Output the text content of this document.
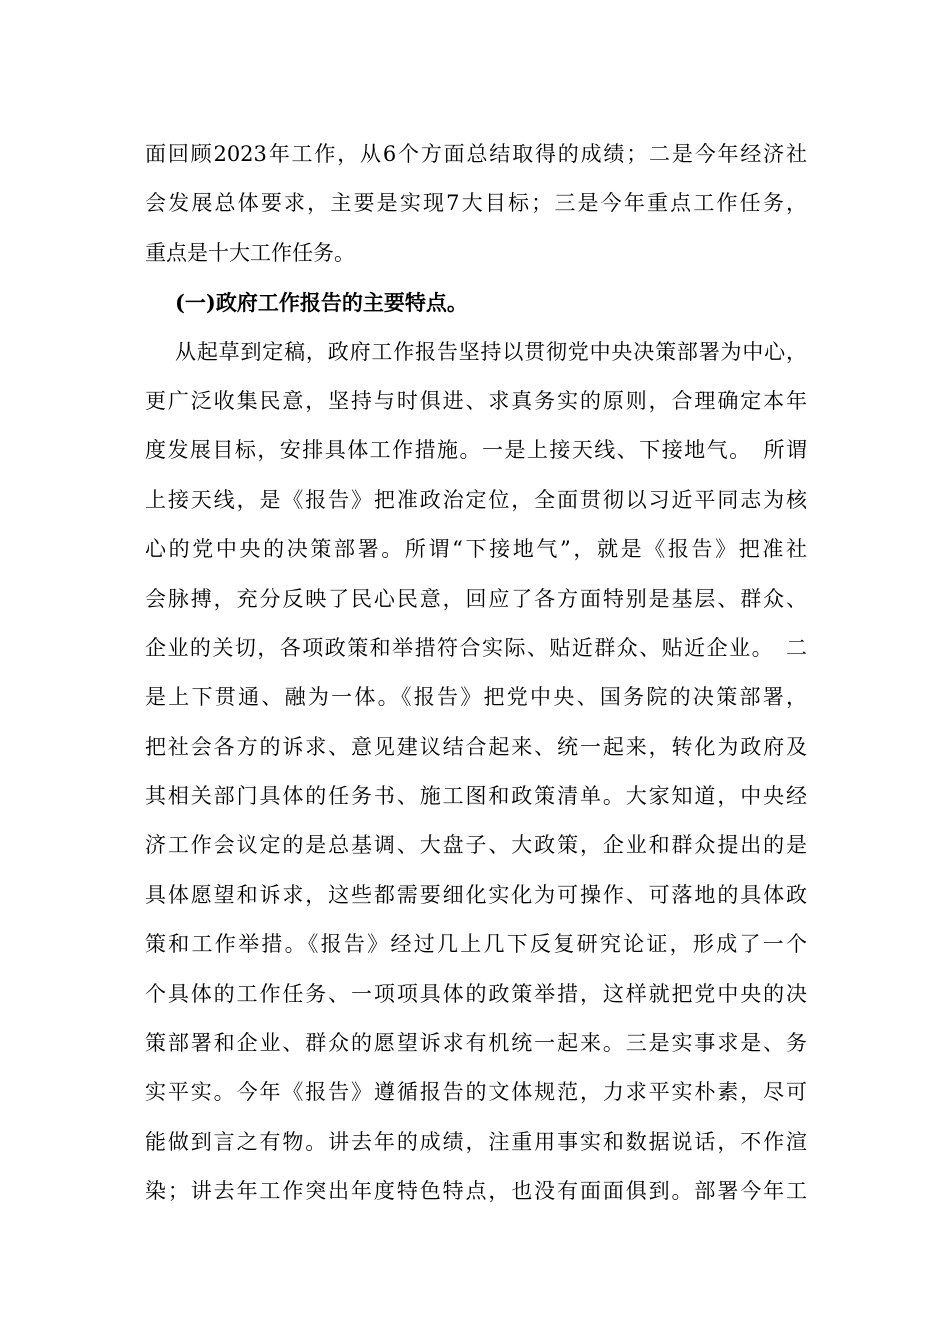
面回顾2023年工作，从6个方面总结取得的成绩；二是今年经济社
会发展总体要求，主要是实现7大目标；三是今年重点工作任务，
重点是十大工作任务。
(一)政府工作报告的主要特点。
从起草到定稿，政府工作报告坚持以贯彻党中央决策部署为中心，
更广泛收集民意，坚持与时俱进、求真务实的原则，合理确定本年
度发展目标，安排具体工作措施。一是上接天线、下接地气。　所谓
上接天线，是《报告》把准政治定位，全面贯彻以习近平同志为核
心的党中央的决策部署。所谓“下接地气”，就是《报告》把准社
会脉搏，充分反映了民心民意，回应了各方面特别是基层、群众、
企业的关切，各项政策和举措符合实际、贴近群众、贴近企业。　二
是上下贯通、融为一体。《报告》把党中央、国务院的决策部署，
把社会各方的诉求、意见建议结合起来、统一起来，转化为政府及
其相关部门具体的任务书、施工图和政策清单。大家知道，中央经
济工作会议定的是总基调、大盘子、大政策，企业和群众提出的是
具体愿望和诉求，这些都需要细化实化为可操作、可落地的具体政
策和工作举措。《报告》经过几上几下反复研究论证，形成了一个
个具体的工作任务、一项项具体的政策举措，这样就把党中央的决
策部署和企业、群众的愿望诉求有机统一起来。三是实事求是、务
实平实。今年《报告》遵循报告的文体规范，力求平实朴素，尽可
能做到言之有物。讲去年的成绩，注重用事实和数据说话，不作渲
染；讲去年工作突出年度特色特点，也没有面面俱到。部署今年工
